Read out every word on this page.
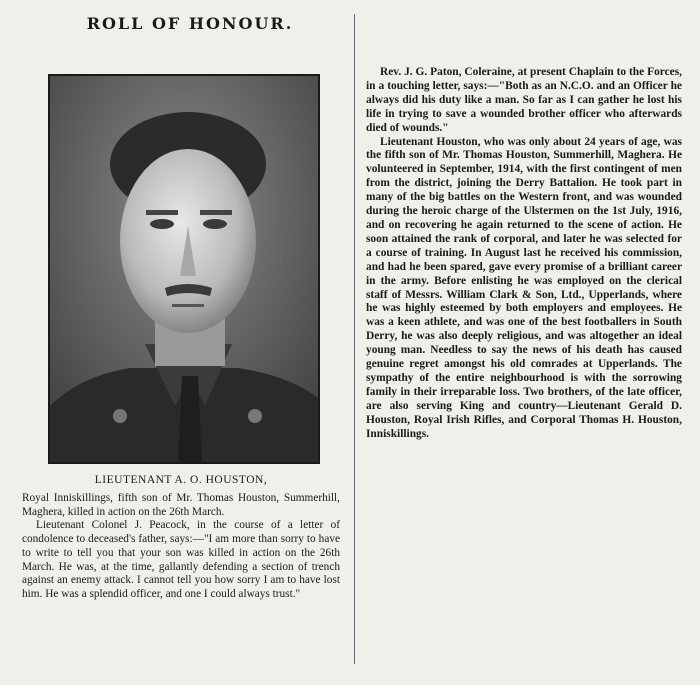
ROLL OF HONOUR.
LIEUTENANT A. O. HOUSTON,

Royal Inniskillings, fifth son of Mr. Thomas Houston, Summerhill, Maghera, killed in action on the 26th March.

Lieutenant Colonel J. Peacock, in the course of a letter of condolence to deceased's father, says:—"I am more than sorry to have to write to tell you that your son was killed in action on the 26th March. He was, at the time, gallantly defending a section of trench against an enemy attack. I cannot tell you how sorry I am to have lost him. He was a splendid officer, and one I could always trust."

Rev. J. G. Paton, Coleraine, at present Chaplain to the Forces, in a touching letter, says:—"Both as an N.C.O. and an Officer he always did his duty like a man. So far as I can gather he lost his life in trying to save a wounded brother officer who afterwards died of wounds."

Lieutenant Houston, who was only about 24 years of age, was the fifth son of Mr. Thomas Houston, Summerhill, Maghera. He volunteered in September, 1914, with the first contingent of men from the district, joining the Derry Battalion. He took part in many of the big battles on the Western front, and was wounded during the heroic charge of the Ulstermen on the 1st July, 1916, and on recovering he again returned to the scene of action. He soon attained the rank of corporal, and later he was selected for a course of training. In August last he received his commission, and had he been spared, gave every promise of a brilliant career in the army. Before enlisting he was employed on the clerical staff of Messrs. William Clark & Son, Ltd., Upperlands, where he was highly esteemed by both employers and employees. He was a keen athlete, and was one of the best footballers in South Derry, he was also deeply religious, and was altogether an ideal young man. Needless to say the news of his death has caused genuine regret amongst his old comrades at Upperlands. The sympathy of the entire neighbourhood is with the sorrowing family in their irreparable loss. Two brothers, of the late officer, are also serving King and country—Lieutenant Gerald D. Houston, Royal Irish Rifles, and Corporal Thomas H. Houston, Inniskillings.
